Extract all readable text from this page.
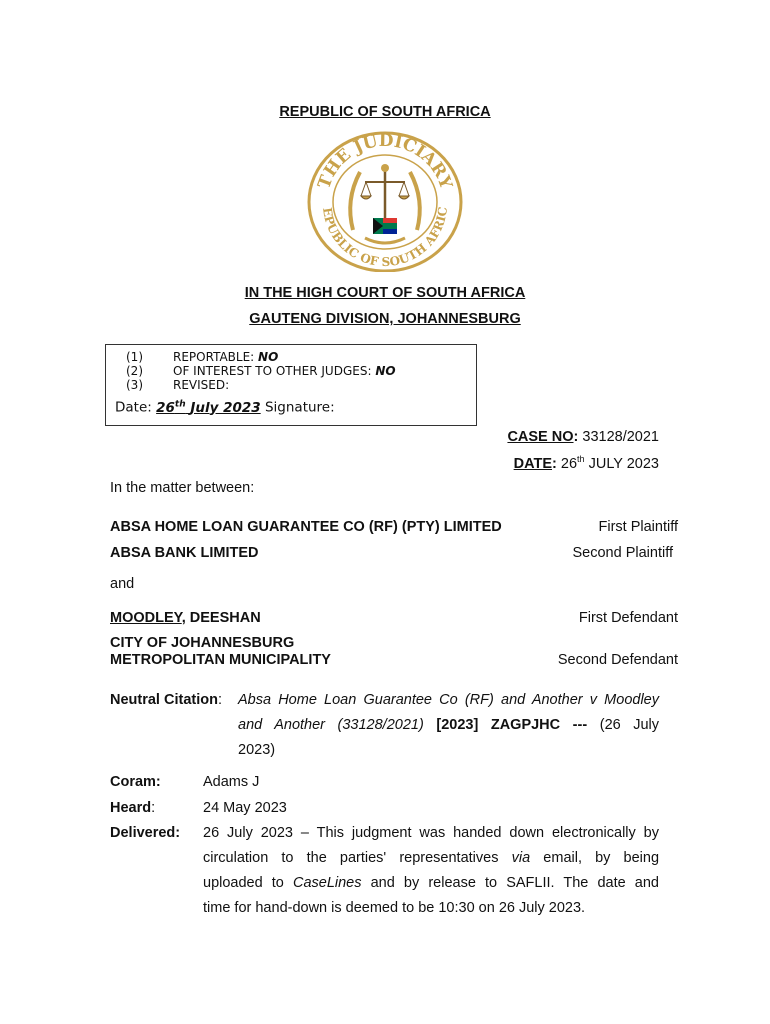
REPUBLIC OF SOUTH AFRICA
THE JUDICIARY
EPUBLIC OF SOUTH AFRIC
IN THE HIGH COURT OF SOUTH AFRICA
GAUTENG DIVISION, JOHANNESBURG
(1)	REPORTABLE: NO
(2)	OF INTEREST TO OTHER JUDGES: NO
(3)	REVISED:
Date: 26th July 2023 Signature:
CASE NO: 33128/2021
DATE: 26th JULY 2023
In the matter between:
ABSA HOME LOAN GUARANTEE CO (RF) (PTY) LIMITED	First Plaintiff
ABSA BANK LIMITED	Second Plaintiff
and
MOODLEY, DEESHAN	First Defendant
CITY OF JOHANNESBURG
METROPOLITAN MUNICIPALITY	Second Defendant
Neutral Citation: Absa Home Loan Guarantee Co (RF) and Another v Moodley
and Another (33128/2021) [2023] ZAGPJHC --- (26 July
2023)
Coram:	Adams J
Heard:	24 May 2023
Delivered: 26 July 2023 – This judgment was handed down electronically by
circulation to the parties' representatives via email, by being
uploaded to CaseLines and by release to SAFLII. The date and
time for hand-down is deemed to be 10:30 on 26 July 2023.
